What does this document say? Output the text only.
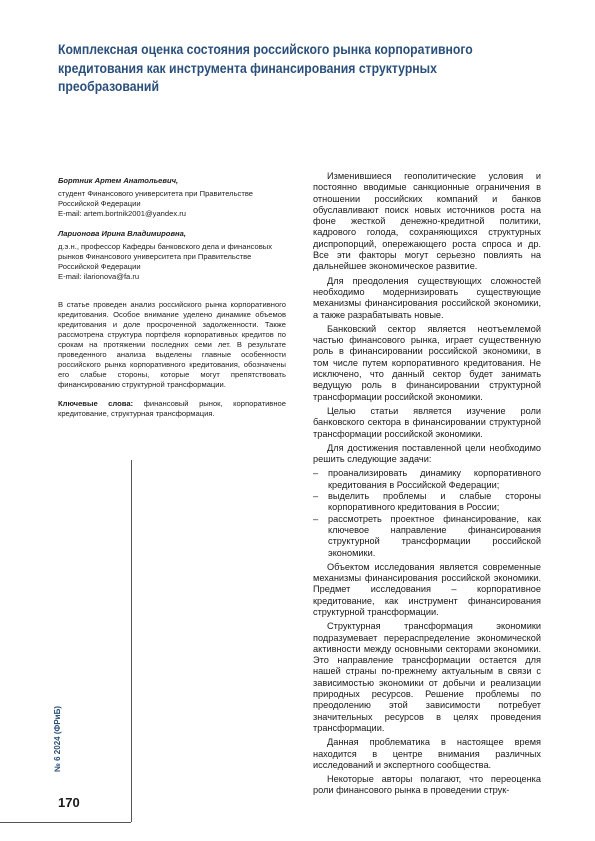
Комплексная оценка состояния российского рынка корпоративного кредитования как инструмента финансирования структурных преобразований

Бортник Артем Анатольевич,

студент Финансового университета при Правительстве

Российской Федерации

E-mail: artem.bortnik2001@yandex.ru

Ларионова Ирина Владимировна,

д.э.н., профессор Кафедры банковского дела и финансовых

рынков Финансового университета при Правительстве

Российской Федерации

E-mail: ilarionova@fa.ru

В статье проведен анализ российского рынка корпоративного кредитования. Особое внимание уделено динамике объемов кредитования и доле просроченной задолженности. Также рассмотрена структура портфеля корпоративных кредитов по срокам на протяжении последних семи лет. В результате проведенного анализа выделены главные особенности российского рынка корпоративного кредитования, обозначены его слабые стороны, которые могут препятствовать финансированию структурной трансформации.

Ключевые слова: финансовый рынок, корпоративное кредитование, структурная трансформация.

Изменившиеся геополитические условия и постоянно вводимые санкционные ограничения в отношении российских компаний и банков обуславливают поиск новых источников роста на фоне жесткой денежно-кредитной политики, кадрового голода, сохраняющихся структурных диспропорций, опережающего роста спроса и др. Все эти факторы могут серьезно повлиять на дальнейшее экономическое развитие.

Для преодоления существующих сложностей необходимо модернизировать существующие механизмы финансирования российской экономики, а также разрабатывать новые.

Банковский сектор является неотъемлемой частью финансового рынка, играет существенную роль в финансировании российской экономики, в том числе путем корпоративного кредитования. Не исключено, что данный сектор будет занимать ведущую роль в финансировании структурной трансформации российской экономики.

Целью статьи является изучение роли банковского сектора в финансировании структурной трансформации российской экономики.

Для достижения поставленной цели необходимо решить следующие задачи:

– проанализировать динамику корпоративного кредитования в Российской Федерации;
– выделить проблемы и слабые стороны корпоративного кредитования в России;
– рассмотреть проектное финансирование, как ключевое направление финансирования структурной трансформации российской экономики.

Объектом исследования является современные механизмы финансирования российской экономики. Предмет исследования – корпоративное кредитование, как инструмент финансирования структурной трансформации.

Структурная трансформация экономики подразумевает перераспределение экономической активности между основными секторами экономики. Это направление трансформации остается для нашей страны по-прежнему актуальным в связи с зависимостью экономики от добычи и реализации природных ресурсов. Решение проблемы по преодолению этой зависимости потребует значительных ресурсов в целях проведения трансформации.

Данная проблематика в настоящее время находится в центре внимания различных исследований и экспертного сообщества.

Некоторые авторы полагают, что переоценка роли финансового рынка в проведении струк-

№ 6 2024 (ФРиБ)
170
